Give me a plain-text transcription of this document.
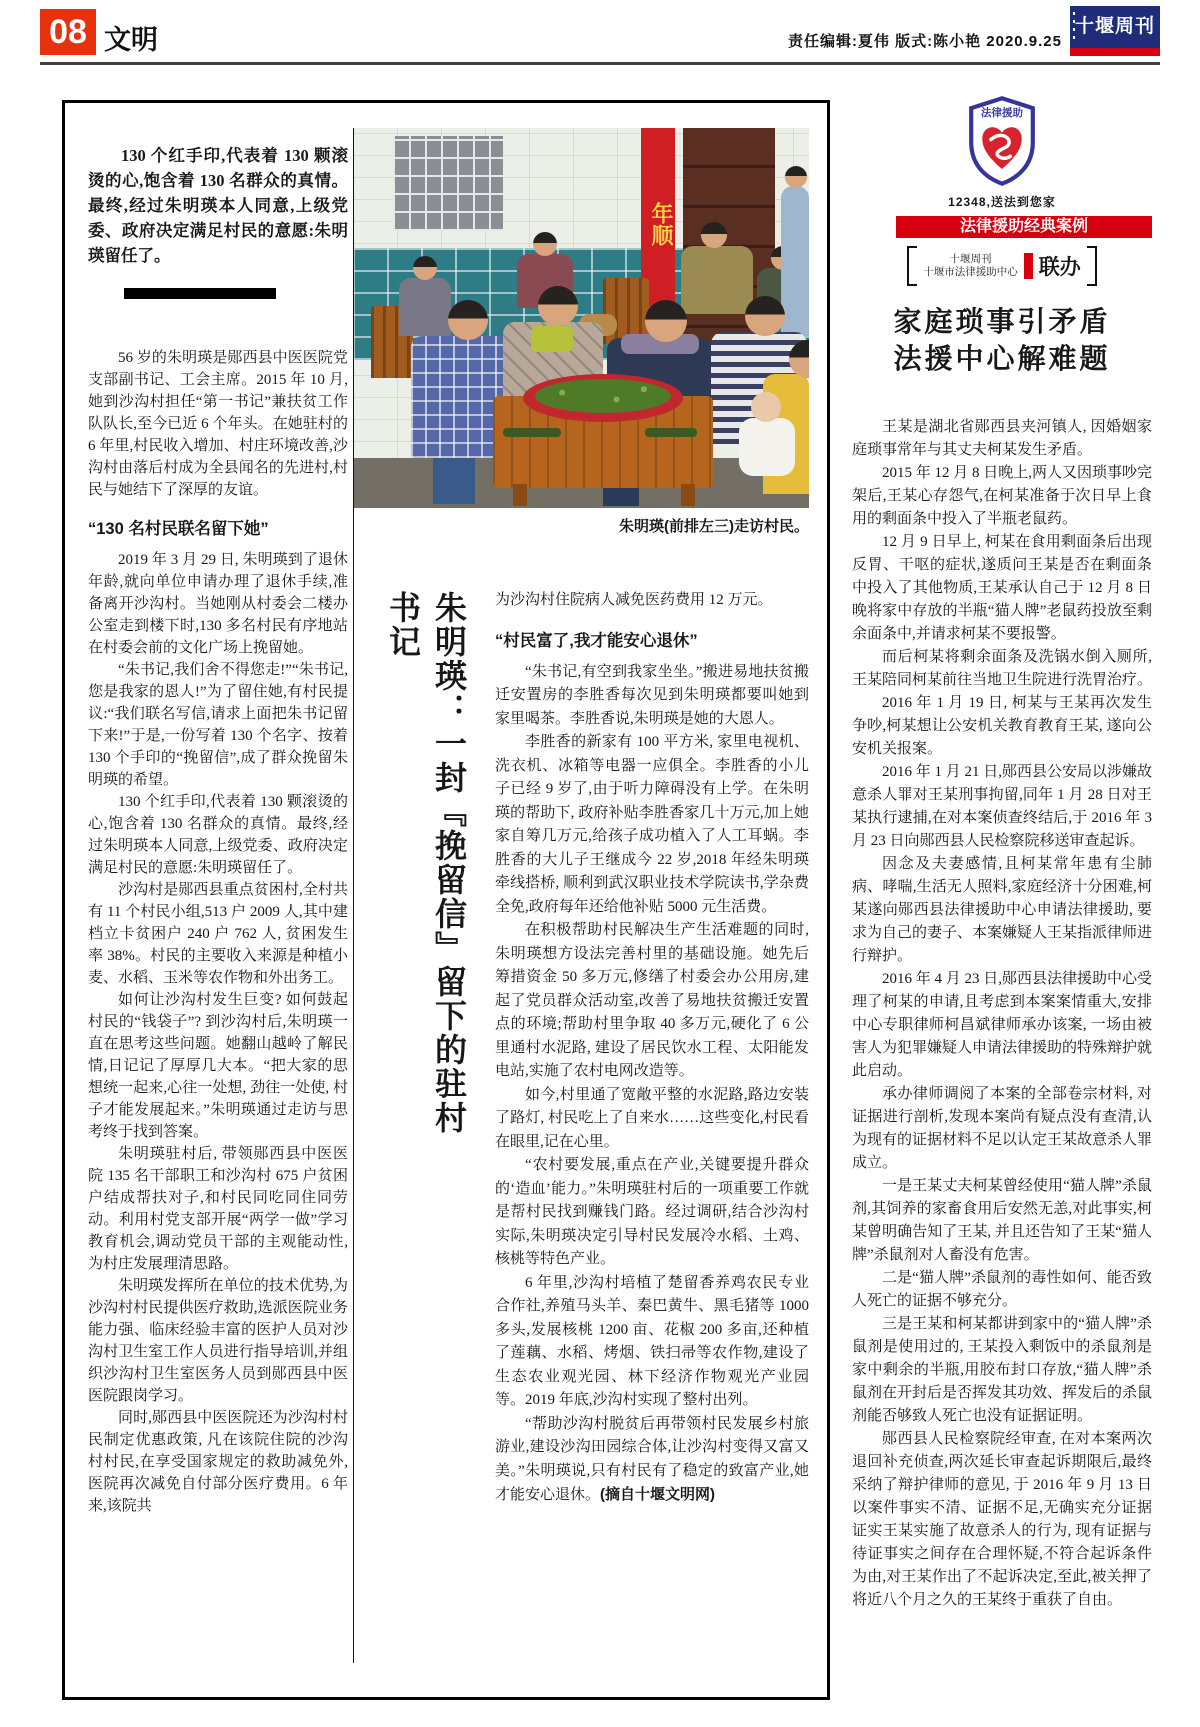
08 文明	责任编辑:夏伟 版式:陈小艳 2020.9.25
十堰周刊

130 个红手印,代表着 130 颗滚烫的心,饱含着 130 名群众的真情。最终,经过朱明瑛本人同意,上级党委、政府决定满足村民的意愿:朱明瑛留任了。

56 岁的朱明瑛是郧西县中医医院党支部副书记、工会主席。2015 年 10 月,她到沙沟村担任“第一书记”兼扶贫工作队队长,至今已近 6 个年头。在她驻村的 6 年里,村民收入增加、村庄环境改善,沙沟村由落后村成为全县闻名的先进村,村民与她结下了深厚的友谊。

“130 名村民联名留下她”

2019 年 3 月 29 日, 朱明瑛到了退休年龄,就向单位申请办理了退休手续,准备离开沙沟村。当她刚从村委会二楼办公室走到楼下时,130 多名村民有序地站在村委会前的文化广场上挽留她。

“朱书记,我们舍不得您走!”“朱书记,您是我家的恩人!”为了留住她,有村民提议:“我们联名写信,请求上面把朱书记留下来!”于是,一份写着 130 个名字、按着 130 个手印的“挽留信”,成了群众挽留朱明瑛的希望。

130 个红手印,代表着 130 颗滚烫的心,饱含着 130 名群众的真情。最终,经过朱明瑛本人同意,上级党委、政府决定满足村民的意愿:朱明瑛留任了。

沙沟村是郧西县重点贫困村,全村共有 11 个村民小组,513 户 2009 人,其中建档立卡贫困户 240 户 762 人, 贫困发生率 38%。村民的主要收入来源是种植小麦、水稻、玉米等农作物和外出务工。

如何让沙沟村发生巨变? 如何鼓起村民的“钱袋子”? 到沙沟村后,朱明瑛一直在思考这些问题。她翻山越岭了解民情,日记记了厚厚几大本。“把大家的思想统一起来,心往一处想, 劲往一处使, 村子才能发展起来。”朱明瑛通过走访与思考终于找到答案。

朱明瑛驻村后, 带领郧西县中医医院 135 名干部职工和沙沟村 675 户贫困户结成帮扶对子,和村民同吃同住同劳动。利用村党支部开展“两学一做”学习教育机会,调动党员干部的主观能动性,为村庄发展理清思路。

朱明瑛发挥所在单位的技术优势,为沙沟村村民提供医疗救助,选派医院业务能力强、临床经验丰富的医护人员对沙沟村卫生室工作人员进行指导培训,并组织沙沟村卫生室医务人员到郧西县中医医院跟岗学习。

同时,郧西县中医医院还为沙沟村村民制定优惠政策, 凡在该院住院的沙沟村村民,在享受国家规定的救助减免外,医院再次减免自付部分医疗费用。6 年来,该院共

年顺
朱明瑛(前排左三)走访村民。
朱明瑛：一封『挽留信』留下的驻村书记	为沙沟村住院病人减免医药费用 12 万元。

“村民富了,我才能安心退休”

“朱书记,有空到我家坐坐。”搬进易地扶贫搬迁安置房的李胜香每次见到朱明瑛都要叫她到家里喝茶。李胜香说,朱明瑛是她的大恩人。

李胜香的新家有 100 平方米, 家里电视机、洗衣机、冰箱等电器一应俱全。李胜香的小儿子已经 9 岁了,由于听力障碍没有上学。在朱明瑛的帮助下, 政府补贴李胜香家几十万元,加上她家自筹几万元,给孩子成功植入了人工耳蜗。李胜香的大儿子王继成今 22 岁,2018 年经朱明瑛牵线搭桥, 顺利到武汉职业技术学院读书,学杂费全免,政府每年还给他补贴 5000 元生活费。

在积极帮助村民解决生产生活难题的同时,朱明瑛想方设法完善村里的基础设施。她先后筹措资金 50 多万元,修缮了村委会办公用房,建起了党员群众活动室,改善了易地扶贫搬迁安置点的环境;帮助村里争取 40 多万元,硬化了 6 公里通村水泥路, 建设了居民饮水工程、太阳能发电站,实施了农村电网改造等。

如今,村里通了宽敞平整的水泥路,路边安装了路灯, 村民吃上了自来水……这些变化,村民看在眼里,记在心里。

“农村要发展,重点在产业,关键要提升群众的‘造血’能力。”朱明瑛驻村后的一项重要工作就是帮村民找到赚钱门路。经过调研,结合沙沟村实际,朱明瑛决定引导村民发展冷水稻、土鸡、核桃等特色产业。

6 年里,沙沟村培植了楚留香养鸡农民专业合作社,养殖马头羊、秦巴黄牛、黑毛猪等 1000 多头,发展核桃 1200 亩、花椒 200 多亩,还种植了莲藕、水稻、烤烟、铁扫帚等农作物,建设了生态农业观光园、林下经济作物观光产业园等。2019 年底,沙沟村实现了整村出列。

“帮助沙沟村脱贫后再带领村民发展乡村旅游业,建设沙沟田园综合体,让沙沟村变得又富又美。”朱明瑛说,只有村民有了稳定的致富产业,她才能安心退休。(摘自十堰文明网)

法律援助
12348,送法到您家
法律援助经典案例
十堰周刊
十堰市法律援助中心 联办
家庭琐事引矛盾
法援中心解难题

王某是湖北省郧西县夹河镇人, 因婚姻家庭琐事常年与其丈夫柯某发生矛盾。

2015 年 12 月 8 日晚上,两人又因琐事吵完架后,王某心存怨气,在柯某准备于次日早上食用的剩面条中投入了半瓶老鼠药。

12 月 9 日早上, 柯某在食用剩面条后出现反胃、干呕的症状,遂质问王某是否在剩面条中投入了其他物质,王某承认自己于 12 月 8 日晚将家中存放的半瓶“猫人牌”老鼠药投放至剩余面条中,并请求柯某不要报警。

而后柯某将剩余面条及洗锅水倒入厕所,王某陪同柯某前往当地卫生院进行洗胃治疗。

2016 年 1 月 19 日, 柯某与王某再次发生争吵,柯某想让公安机关教育教育王某, 遂向公安机关报案。

2016 年 1 月 21 日,郧西县公安局以涉嫌故意杀人罪对王某刑事拘留,同年 1 月 28 日对王某执行逮捕,在对本案侦查终结后,于 2016 年 3 月 23 日向郧西县人民检察院移送审查起诉。

因念及夫妻感情,且柯某常年患有尘肺病、哮喘,生活无人照料,家庭经济十分困难,柯某遂向郧西县法律援助中心申请法律援助, 要求为自己的妻子、本案嫌疑人王某指派律师进行辩护。

2016 年 4 月 23 日,郧西县法律援助中心受理了柯某的申请,且考虑到本案案情重大,安排中心专职律师柯昌斌律师承办该案, 一场由被害人为犯罪嫌疑人申请法律援助的特殊辩护就此启动。

承办律师调阅了本案的全部卷宗材料, 对证据进行剖析,发现本案尚有疑点没有查清,认为现有的证据材料不足以认定王某故意杀人罪成立。

一是王某丈夫柯某曾经使用“猫人牌”杀鼠剂,其饲养的家畜食用后安然无恙,对此事实,柯某曾明确告知了王某, 并且还告知了王某“猫人牌”杀鼠剂对人畜没有危害。

二是“猫人牌”杀鼠剂的毒性如何、能否致人死亡的证据不够充分。

三是王某和柯某都讲到家中的“猫人牌”杀鼠剂是使用过的, 王某投入剩饭中的杀鼠剂是家中剩余的半瓶,用胶布封口存放,“猫人牌”杀鼠剂在开封后是否挥发其功效、挥发后的杀鼠剂能否够致人死亡也没有证据证明。

郧西县人民检察院经审查, 在对本案两次退回补充侦查,两次延长审查起诉期限后,最终采纳了辩护律师的意见, 于 2016 年 9 月 13 日以案件事实不清、证据不足,无确实充分证据证实王某实施了故意杀人的行为, 现有证据与待证事实之间存在合理怀疑,不符合起诉条件为由,对王某作出了不起诉决定,至此,被关押了将近八个月之久的王某终于重获了自由。
